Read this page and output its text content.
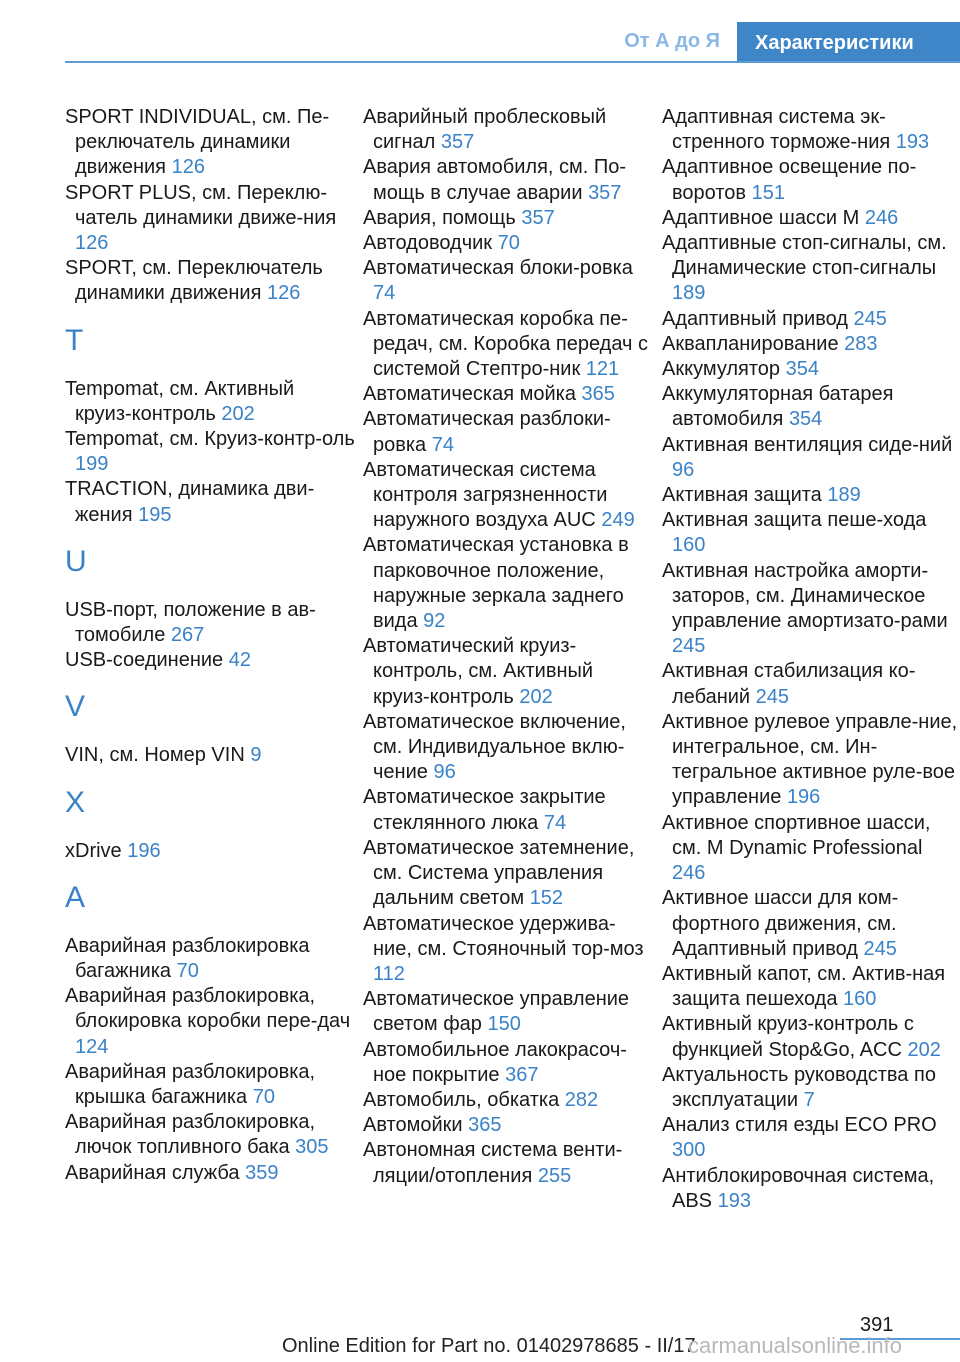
От А до Я	Характеристики
SPORT INDIVIDUAL, см. Пе-реключатель динамики движения 126
SPORT PLUS, см. Переклю-чатель динамики движе-ния 126
SPORT, см. Переключатель динамики движения 126
T
Tempomat, см. Активный круиз-контроль 202
Tempomat, см. Круиз-контр-оль 199
TRACTION, динамика дви-жения 195
U
USB-порт, положение в ав-томобиле 267
USB-соединение 42
V
VIN, см. Номер VIN 9
X
xDrive 196
А
Аварийная разблокировка багажника 70
Аварийная разблокировка, блокировка коробки пере-дач 124
Аварийная разблокировка, крышка багажника 70
Аварийная разблокировка, лючок топливного бака 305
Аварийная служба 359
Аварийный проблесковый сигнал 357
Авария автомобиля, см. По-мощь в случае аварии 357
Авария, помощь 357
Автодоводчик 70
Автоматическая блоки-ровка 74
Автоматическая коробка пе-редач, см. Коробка передач с системой Стептро-ник 121
Автоматическая мойка 365
Автоматическая разблоки-ровка 74
Автоматическая система контроля загрязненности наружного воздуха AUC 249
Автоматическая установка в парковочное положение, наружные зеркала заднего вида 92
Автоматический круиз-контроль, см. Активный круиз-контроль 202
Автоматическое включение, см. Индивидуальное вклю-чение 96
Автоматическое закрытие стеклянного люка 74
Автоматическое затемнение, см. Система управления дальним светом 152
Автоматическое удержива-ние, см. Стояночный тор-моз 112
Автоматическое управление светом фар 150
Автомобильное лакокрасоч-ное покрытие 367
Автомобиль, обкатка 282
Автомойки 365
Автономная система венти-ляции/отопления 255
Адаптивная система эк-стренного торможе-ния 193
Адаптивное освещение по-воротов 151
Адаптивное шасси M 246
Адаптивные стоп-сигналы, см. Динамические стоп-сигналы 189
Адаптивный привод 245
Аквапланирование 283
Аккумулятор 354
Аккумуляторная батарея автомобиля 354
Активная вентиляция сиде-ний 96
Активная защита 189
Активная защита пеше-хода 160
Активная настройка аморти-заторов, см. Динамическое управление амортизато-рами 245
Активная стабилизация ко-лебаний 245
Активное рулевое управле-ние, интегральное, см. Ин-тегральное активное руле-вое управление 196
Активное спортивное шасси, см. M Dynamic Professional 246
Активное шасси для ком-фортного движения, см. Адаптивный привод 245
Активный капот, см. Актив-ная защита пешехода 160
Активный круиз-контроль с функцией Stop&Go, ACC 202
Актуальность руководства по эксплуатации 7
Анализ стиля езды ECO PRO 300
Антиблокировочная система, ABS 193
391
Online Edition for Part no. 01402978685 - II/17
carmanualsonline.info
